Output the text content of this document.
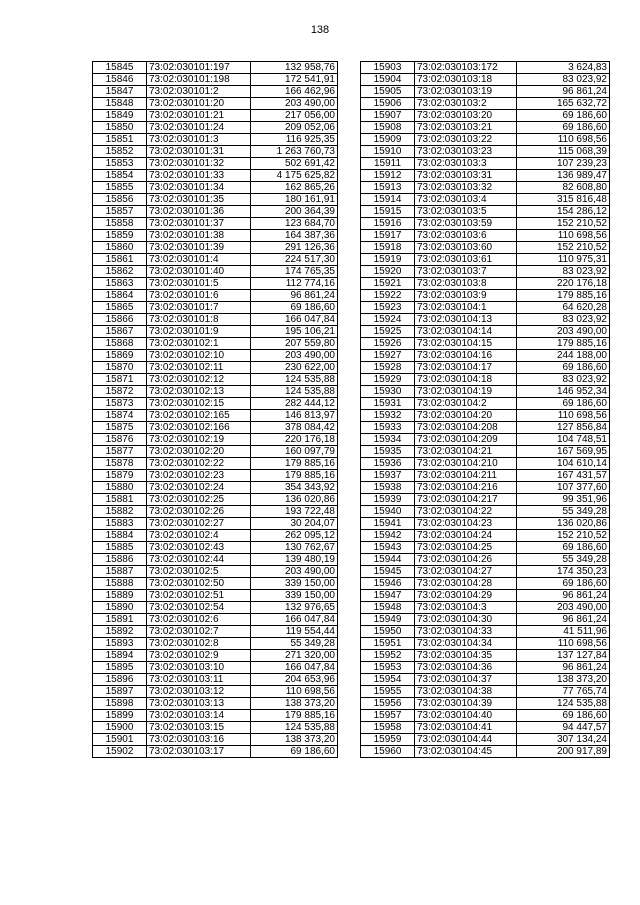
138
15845	73:02:030101:197	132 958,76
15846	73:02:030101:198	172 541,91
15847	73:02:030101:2	166 462,96
15848	73:02:030101:20	203 490,00
15849	73:02:030101:21	217 056,00
15850	73:02:030101:24	209 052,06
15851	73:02:030101:3	116 925,35
15852	73:02:030101:31	1 263 760,73
15853	73:02:030101:32	502 691,42
15854	73:02:030101:33	4 175 625,82
15855	73:02:030101:34	162 865,26
15856	73:02:030101:35	180 161,91
15857	73:02:030101:36	200 364,39
15858	73:02:030101:37	123 684,70
15859	73:02:030101:38	164 387,36
15860	73:02:030101:39	291 126,36
15861	73:02:030101:4	224 517,30
15862	73:02:030101:40	174 765,35
15863	73:02:030101:5	112 774,16
15864	73:02:030101:6	96 861,24
15865	73:02:030101:7	69 186,60
15866	73:02:030101:8	166 047,84
15867	73:02:030101:9	195 106,21
15868	73:02:030102:1	207 559,80
15869	73:02:030102:10	203 490,00
15870	73:02:030102:11	230 622,00
15871	73:02:030102:12	124 535,88
15872	73:02:030102:13	124 535,88
15873	73:02:030102:15	282 444,12
15874	73:02:030102:165	146 813,97
15875	73:02:030102:166	378 084,42
15876	73:02:030102:19	220 176,18
15877	73:02:030102:20	160 097,79
15878	73:02:030102:22	179 885,16
15879	73:02:030102:23	179 885,16
15880	73:02:030102:24	354 343,92
15881	73:02:030102:25	136 020,86
15882	73:02:030102:26	193 722,48
15883	73:02:030102:27	30 204,07
15884	73:02:030102:4	262 095,12
15885	73:02:030102:43	130 762,67
15886	73:02:030102:44	139 480,19
15887	73:02:030102:5	203 490,00
15888	73:02:030102:50	339 150,00
15889	73:02:030102:51	339 150,00
15890	73:02:030102:54	132 976,65
15891	73:02:030102:6	166 047,84
15892	73:02:030102:7	119 554,44
15893	73:02:030102:8	55 349,28
15894	73:02:030102:9	271 320,00
15895	73:02:030103:10	166 047,84
15896	73:02:030103:11	204 653,96
15897	73:02:030103:12	110 698,56
15898	73:02:030103:13	138 373,20
15899	73:02:030103:14	179 885,16
15900	73:02:030103:15	124 535,88
15901	73:02:030103:16	138 373,20
15902	73:02:030103:17	69 186,60
15903	73:02:030103:172	3 624,83
15904	73:02:030103:18	83 023,92
15905	73:02:030103:19	96 861,24
15906	73:02:030103:2	165 632,72
15907	73:02:030103:20	69 186,60
15908	73:02:030103:21	69 186,60
15909	73:02:030103:22	110 698,56
15910	73:02:030103:23	115 068,39
15911	73:02:030103:3	107 239,23
15912	73:02:030103:31	136 989,47
15913	73:02:030103:32	82 608,80
15914	73:02:030103:4	315 816,48
15915	73:02:030103:5	154 286,12
15916	73:02:030103:59	152 210,52
15917	73:02:030103:6	110 698,56
15918	73:02:030103:60	152 210,52
15919	73:02:030103:61	110 975,31
15920	73:02:030103:7	83 023,92
15921	73:02:030103:8	220 176,18
15922	73:02:030103:9	179 885,16
15923	73:02:030104:1	64 620,28
15924	73:02:030104:13	83 023,92
15925	73:02:030104:14	203 490,00
15926	73:02:030104:15	179 885,16
15927	73:02:030104:16	244 188,00
15928	73:02:030104:17	69 186,60
15929	73:02:030104:18	83 023,92
15930	73:02:030104:19	146 952,34
15931	73:02:030104:2	69 186,60
15932	73:02:030104:20	110 698,56
15933	73:02:030104:208	127 856,84
15934	73:02:030104:209	104 748,51
15935	73:02:030104:21	167 569,95
15936	73:02:030104:210	104 610,14
15937	73:02:030104:211	167 431,57
15938	73:02:030104:216	107 377,60
15939	73:02:030104:217	99 351,96
15940	73:02:030104:22	55 349,28
15941	73:02:030104:23	136 020,86
15942	73:02:030104:24	152 210,52
15943	73:02:030104:25	69 186,60
15944	73:02:030104:26	55 349,28
15945	73:02:030104:27	174 350,23
15946	73:02:030104:28	69 186,60
15947	73:02:030104:29	96 861,24
15948	73:02:030104:3	203 490,00
15949	73:02:030104:30	96 861,24
15950	73:02:030104:33	41 511,96
15951	73:02:030104:34	110 698,56
15952	73:02:030104:35	137 127,84
15953	73:02:030104:36	96 861,24
15954	73:02:030104:37	138 373,20
15955	73:02:030104:38	77 765,74
15956	73:02:030104:39	124 535,88
15957	73:02:030104:40	69 186,60
15958	73:02:030104:41	94 447,57
15959	73:02:030104:44	307 134,24
15960	73:02:030104:45	200 917,89
